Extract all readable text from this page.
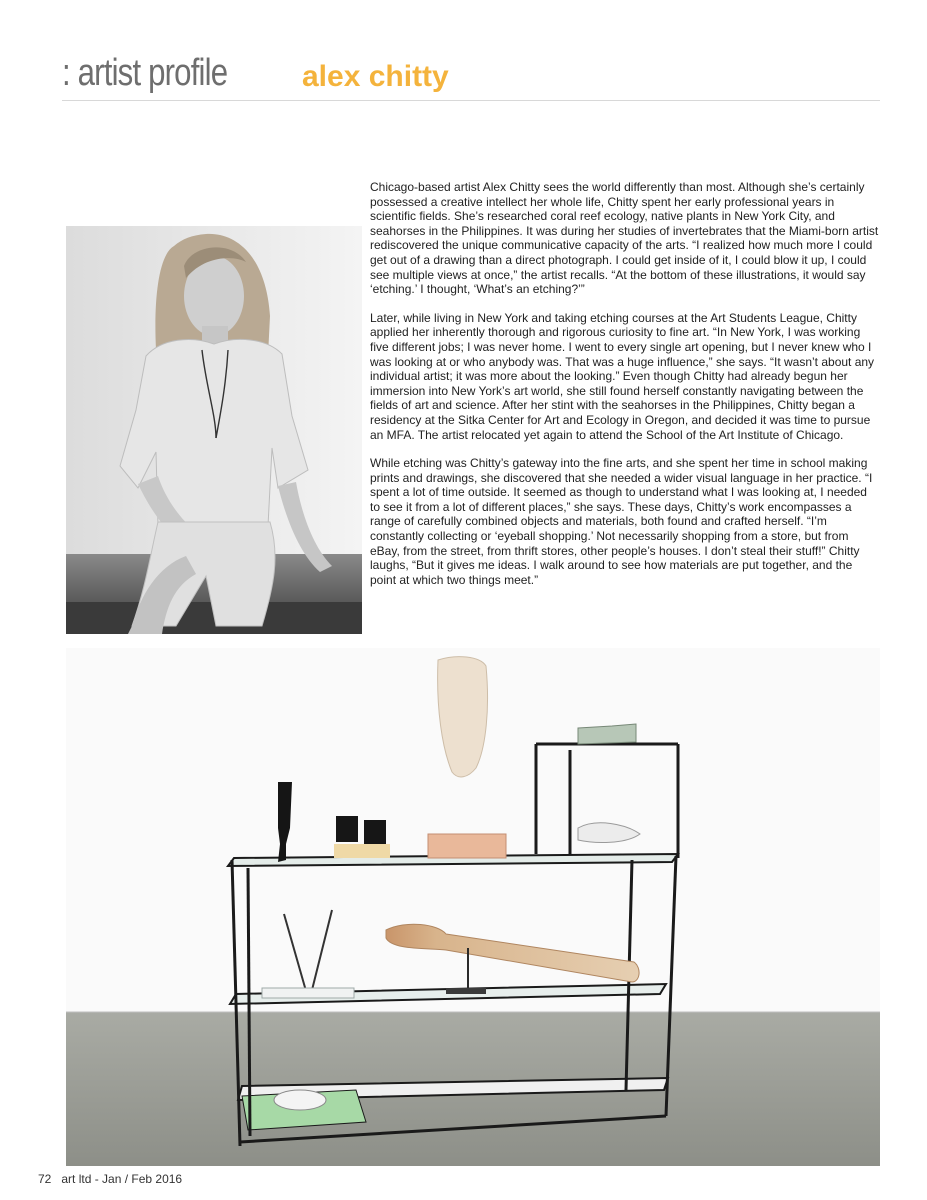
: artist profile alex chitty

Chicago-based artist Alex Chitty sees the world differently than most. Although she’s certainly possessed a creative intellect her whole life, Chitty spent her early professional years in scientific fields. She’s researched coral reef ecology, native plants in New York City, and seahorses in the Philippines. It was during her studies of invertebrates that the Miami-born artist rediscovered the unique communicative capacity of the arts. “I realized how much more I could get out of a drawing than a direct photograph. I could get inside of it, I could blow it up, I could see multiple views at once,” the artist recalls. “At the bottom of these illustrations, it would say ‘etching.’ I thought, ‘What’s an etching?’”

Later, while living in New York and taking etching courses at the Art Students League, Chitty applied her inherently thorough and rigorous curiosity to fine art. “In New York, I was working five different jobs; I was never home. I went to every single art opening, but I never knew who I was looking at or who anybody was. That was a huge influence,” she says. “It wasn’t about any individual artist; it was more about the looking.” Even though Chitty had already begun her immersion into New York’s art world, she still found herself constantly navigating between the fields of art and science. After her stint with the seahorses in the Philippines, Chitty began a residency at the Sitka Center for Art and Ecology in Oregon, and decided it was time to pursue an MFA. The artist relocated yet again to attend the School of the Art Institute of Chicago.

While etching was Chitty’s gateway into the fine arts, and she spent her time in school making prints and drawings, she discovered that she needed a wider visual language in her practice. “I spent a lot of time outside. It seemed as though to understand what I was looking at, I needed to see it from a lot of different places,” she says. These days, Chitty’s work encompasses a range of carefully combined objects and materials, both found and crafted herself. “I’m constantly collecting or ‘eyeball shopping.’ Not necessarily shopping from a store, but from eBay, from the street, from thrift stores, other people’s houses. I don’t steal their stuff!” Chitty laughs, “But it gives me ideas. I walk around to see how materials are put together, and the point at which two things meet.”

72 art ltd - Jan / Feb 2016
